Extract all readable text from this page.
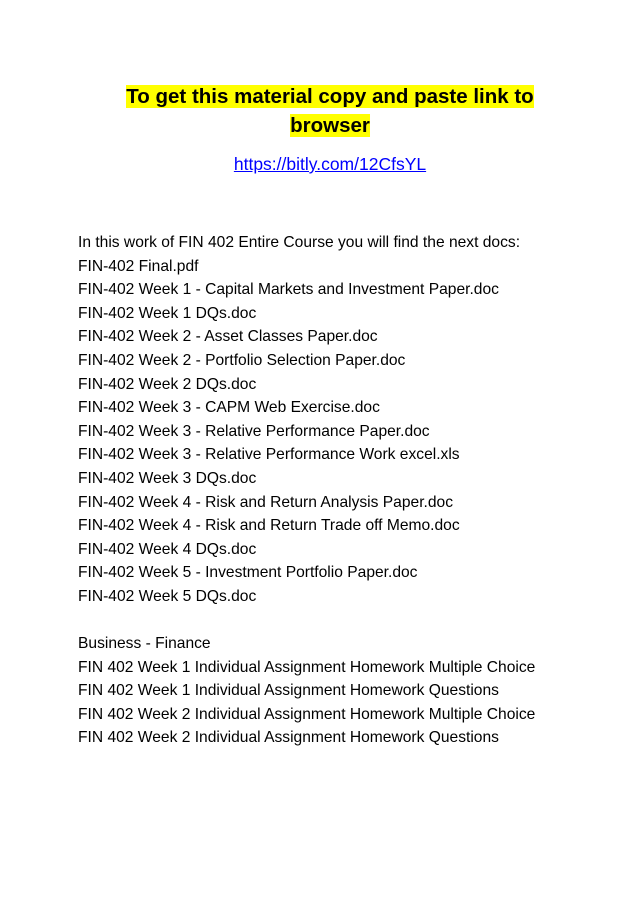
To get this material copy and paste link to
browser
https://bitly.com/12CfsYL

In this work of FIN 402 Entire Course you will find the next docs:

FIN-402 Final.pdf

FIN-402 Week 1 - Capital Markets and Investment Paper.doc

FIN-402 Week 1 DQs.doc

FIN-402 Week 2 - Asset Classes Paper.doc

FIN-402 Week 2 - Portfolio Selection Paper.doc

FIN-402 Week 2 DQs.doc

FIN-402 Week 3 - CAPM Web Exercise.doc

FIN-402 Week 3 - Relative Performance Paper.doc

FIN-402 Week 3 - Relative Performance Work excel.xls

FIN-402 Week 3 DQs.doc

FIN-402 Week 4 - Risk and Return Analysis Paper.doc

FIN-402 Week 4 - Risk and Return Trade off Memo.doc

FIN-402 Week 4 DQs.doc

FIN-402 Week 5 - Investment Portfolio Paper.doc

FIN-402 Week 5 DQs.doc

Business - Finance

FIN 402 Week 1 Individual Assignment Homework Multiple Choice

FIN 402 Week 1 Individual Assignment Homework Questions

FIN 402 Week 2 Individual Assignment Homework Multiple Choice

FIN 402 Week 2 Individual Assignment Homework Questions
